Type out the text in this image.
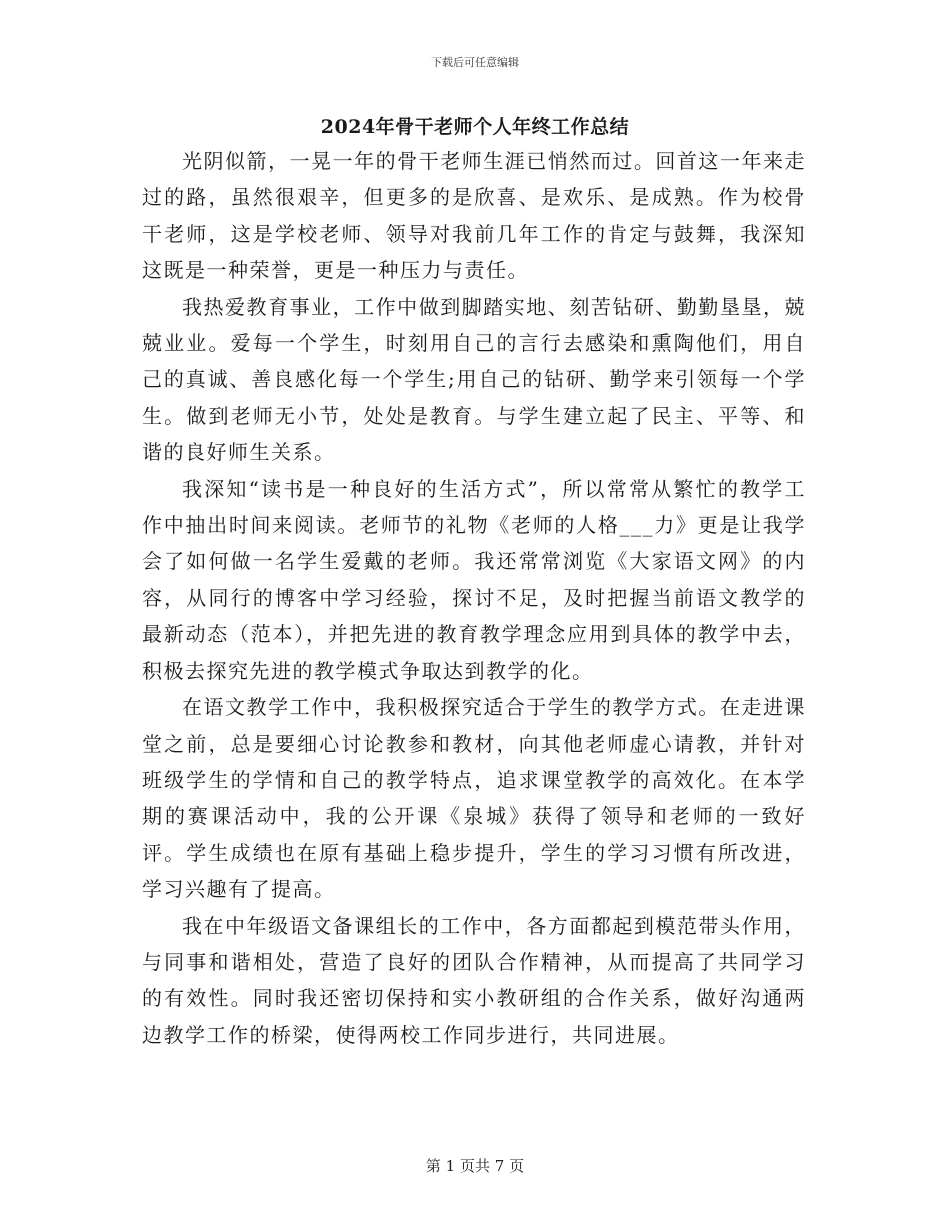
下载后可任意编辑
2024年骨干老师个人年终工作总结

光阴似箭，一晃一年的骨干老师生涯已悄然而过。回首这一年来走过的路，虽然很艰辛，但更多的是欣喜、是欢乐、是成熟。作为校骨干老师，这是学校老师、领导对我前几年工作的肯定与鼓舞，我深知这既是一种荣誉，更是一种压力与责任。

我热爱教育事业，工作中做到脚踏实地、刻苦钻研、勤勤垦垦，兢兢业业。爱每一个学生，时刻用自己的言行去感染和熏陶他们，用自己的真诚、善良感化每一个学生;用自己的钻研、勤学来引领每一个学生。做到老师无小节，处处是教育。与学生建立起了民主、平等、和谐的良好师生关系。

我深知“读书是一种良好的生活方式”，所以常常从繁忙的教学工作中抽出时间来阅读。老师节的礼物《老师的人格___力》更是让我学会了如何做一名学生爱戴的老师。我还常常浏览《大家语文网》的内容，从同行的博客中学习经验，探讨不足，及时把握当前语文教学的最新动态（范本），并把先进的教育教学理念应用到具体的教学中去，积极去探究先进的教学模式争取达到教学的化。

在语文教学工作中，我积极探究适合于学生的教学方式。在走进课堂之前，总是要细心讨论教参和教材，向其他老师虚心请教，并针对班级学生的学情和自己的教学特点，追求课堂教学的高效化。在本学期的赛课活动中，我的公开课《泉城》获得了领导和老师的一致好评。学生成绩也在原有基础上稳步提升，学生的学习习惯有所改进，学习兴趣有了提高。

我在中年级语文备课组长的工作中，各方面都起到模范带头作用，与同事和谐相处，营造了良好的团队合作精神，从而提高了共同学习的有效性。同时我还密切保持和实小教研组的合作关系，做好沟通两边教学工作的桥梁，使得两校工作同步进行，共同进展。

第 1 页共 7 页
